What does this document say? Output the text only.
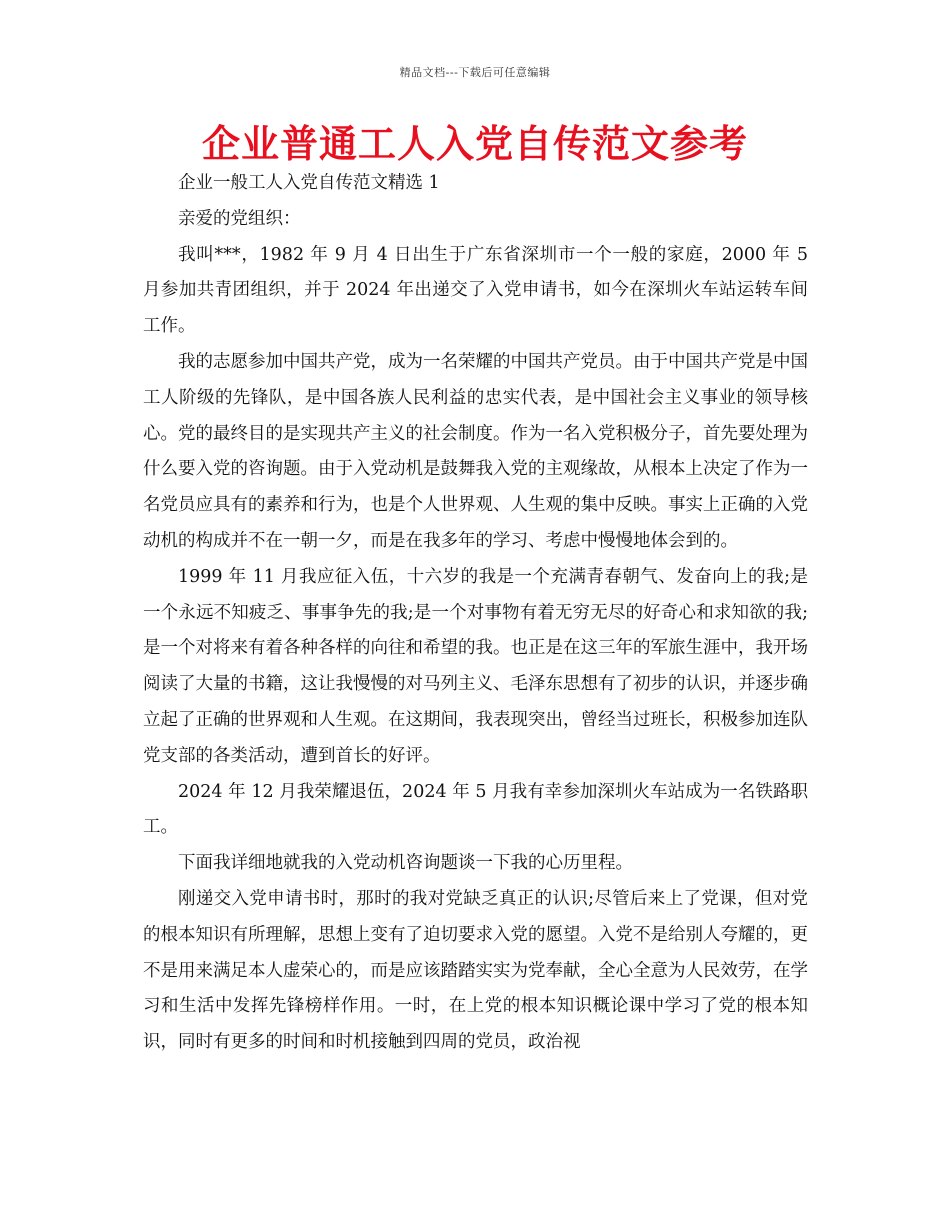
精品文档---下载后可任意编辑
企业普通工人入党自传范文参考

企业一般工人入党自传范文精选 1

亲爱的党组织：

我叫***，1982 年 9 月 4 日出生于广东省深圳市一个一般的家庭，2000 年 5 月参加共青团组织，并于 2024 年出递交了入党申请书，如今在深圳火车站运转车间工作。

我的志愿参加中国共产党，成为一名荣耀的中国共产党员。由于中国共产党是中国工人阶级的先锋队，是中国各族人民利益的忠实代表，是中国社会主义事业的领导核心。党的最终目的是实现共产主义的社会制度。作为一名入党积极分子，首先要处理为什么要入党的咨询题。由于入党动机是鼓舞我入党的主观缘故，从根本上决定了作为一名党员应具有的素养和行为，也是个人世界观、人生观的集中反映。事实上正确的入党动机的构成并不在一朝一夕，而是在我多年的学习、考虑中慢慢地体会到的。

1999 年 11 月我应征入伍，十六岁的我是一个充满青春朝气、发奋向上的我;是一个永远不知疲乏、事事争先的我;是一个对事物有着无穷无尽的好奇心和求知欲的我;是一个对将来有着各种各样的向往和希望的我。也正是在这三年的军旅生涯中，我开场阅读了大量的书籍，这让我慢慢的对马列主义、毛泽东思想有了初步的认识，并逐步确立起了正确的世界观和人生观。在这期间，我表现突出，曾经当过班长，积极参加连队党支部的各类活动，遭到首长的好评。

2024 年 12 月我荣耀退伍，2024 年 5 月我有幸参加深圳火车站成为一名铁路职工。

下面我详细地就我的入党动机咨询题谈一下我的心历里程。

刚递交入党申请书时，那时的我对党缺乏真正的认识;尽管后来上了党课，但对党的根本知识有所理解，思想上变有了迫切要求入党的愿望。入党不是给别人夸耀的，更不是用来满足本人虚荣心的，而是应该踏踏实实为党奉献，全心全意为人民效劳，在学习和生活中发挥先锋榜样作用。一时，在上党的根本知识概论课中学习了党的根本知识，同时有更多的时间和时机接触到四周的党员，政治视
